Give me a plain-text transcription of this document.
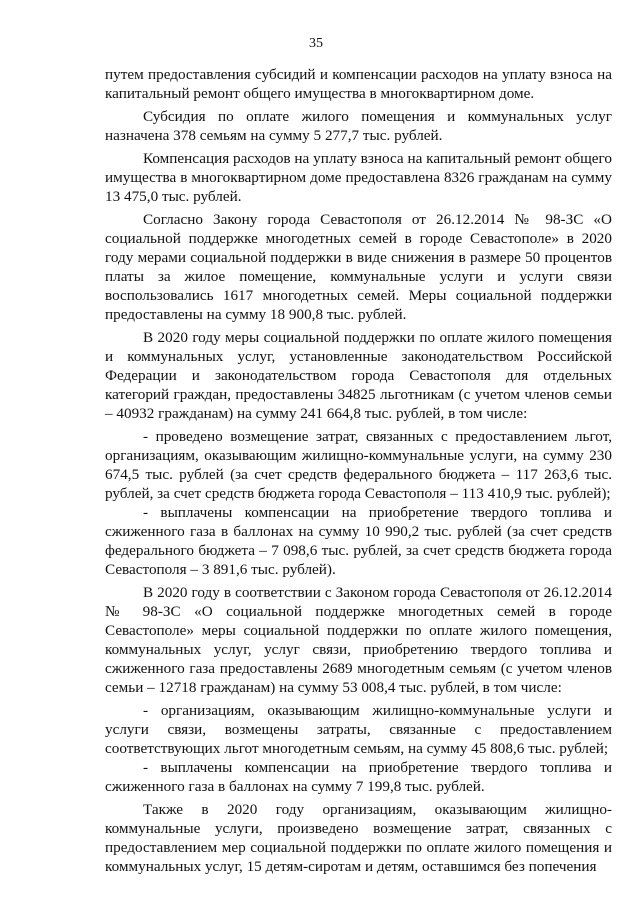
35

путем предоставления субсидий и компенсации расходов на уплату взноса на капитальный ремонт общего имущества в многоквартирном доме.

Субсидия по оплате жилого помещения и коммунальных услуг назначена 378 семьям на сумму 5 277,7 тыс. рублей.

Компенсация расходов на уплату взноса на капитальный ремонт общего имущества в многоквартирном доме предоставлена 8326 гражданам на сумму 13 475,0 тыс. рублей.

Согласно Закону города Севастополя от 26.12.2014 № 98-ЗС «О социальной поддержке многодетных семей в городе Севастополе» в 2020 году мерами социальной поддержки в виде снижения в размере 50 процентов платы за жилое помещение, коммунальные услуги и услуги связи воспользовались 1617 многодетных семей. Меры социальной поддержки предоставлены на сумму 18 900,8 тыс. рублей.

В 2020 году меры социальной поддержки по оплате жилого помещения и коммунальных услуг, установленные законодательством Российской Федерации и законодательством города Севастополя для отдельных категорий граждан, предоставлены 34825 льготникам (с учетом членов семьи – 40932 гражданам) на сумму 241 664,8 тыс. рублей, в том числе:

- проведено возмещение затрат, связанных с предоставлением льгот, организациям, оказывающим жилищно-коммунальные услуги, на сумму 230 674,5 тыс. рублей (за счет средств федерального бюджета – 117 263,6 тыс. рублей, за счет средств бюджета города Севастополя – 113 410,9 тыс. рублей);

- выплачены компенсации на приобретение твердого топлива и сжиженного газа в баллонах на сумму 10 990,2 тыс. рублей (за счет средств федерального бюджета – 7 098,6 тыс. рублей, за счет средств бюджета города Севастополя – 3 891,6 тыс. рублей).

В 2020 году в соответствии с Законом города Севастополя от 26.12.2014 № 98-ЗС «О социальной поддержке многодетных семей в городе Севастополе» меры социальной поддержки по оплате жилого помещения, коммунальных услуг, услуг связи, приобретению твердого топлива и сжиженного газа предоставлены 2689 многодетным семьям (с учетом членов семьи – 12718 гражданам) на сумму 53 008,4 тыс. рублей, в том числе:

- организациям, оказывающим жилищно-коммунальные услуги и услуги связи, возмещены затраты, связанные с предоставлением соответствующих льгот многодетным семьям, на сумму 45 808,6 тыс. рублей;

- выплачены компенсации на приобретение твердого топлива и сжиженного газа в баллонах на сумму 7 199,8 тыс. рублей.

Также в 2020 году организациям, оказывающим жилищно-коммунальные услуги, произведено возмещение затрат, связанных с предоставлением мер социальной поддержки по оплате жилого помещения и коммунальных услуг, 15 детям-сиротам и детям, оставшимся без попечения
